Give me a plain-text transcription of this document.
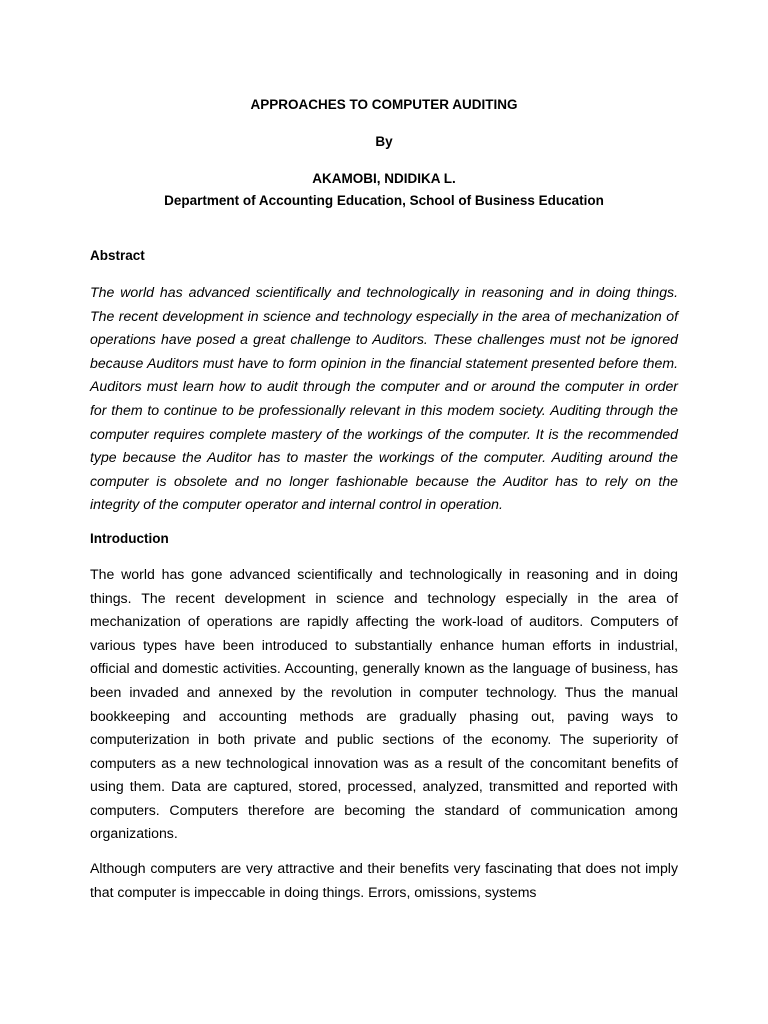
APPROACHES TO COMPUTER AUDITING

By

AKAMOBI, NDIDIKA L.

Department of Accounting Education, School of Business Education

Abstract

The world has advanced scientifically and technologically in reasoning and in doing things. The recent development in science and technology especially in the area of mechanization of operations have posed a great challenge to Auditors. These challenges must not be ignored because Auditors must have to form opinion in the financial statement presented before them. Auditors must learn how to audit through the computer and or around the computer in order for them to continue to be professionally relevant in this modem society. Auditing through the computer requires complete mastery of the workings of the computer. It is the recommended type because the Auditor has to master the workings of the computer. Auditing around the computer is obsolete and no longer fashionable because the Auditor has to rely on the integrity of the computer operator and internal control in operation.

Introduction

The world has gone advanced scientifically and technologically in reasoning and in doing things. The recent development in science and technology especially in the area of mechanization of operations are rapidly affecting the work-load of auditors. Computers of various types have been introduced to substantially enhance human efforts in industrial, official and domestic activities. Accounting, generally known as the language of business, has been invaded and annexed by the revolution in computer technology. Thus the manual bookkeeping and accounting methods are gradually phasing out, paving ways to computerization in both private and public sections of the economy. The superiority of computers as a new technological innovation was as a result of the concomitant benefits of using them. Data are captured, stored, processed, analyzed, transmitted and reported with computers. Computers therefore are becoming the standard of communication among organizations.

Although computers are very attractive and their benefits very fascinating that does not imply that computer is impeccable in doing things. Errors, omissions, systems
